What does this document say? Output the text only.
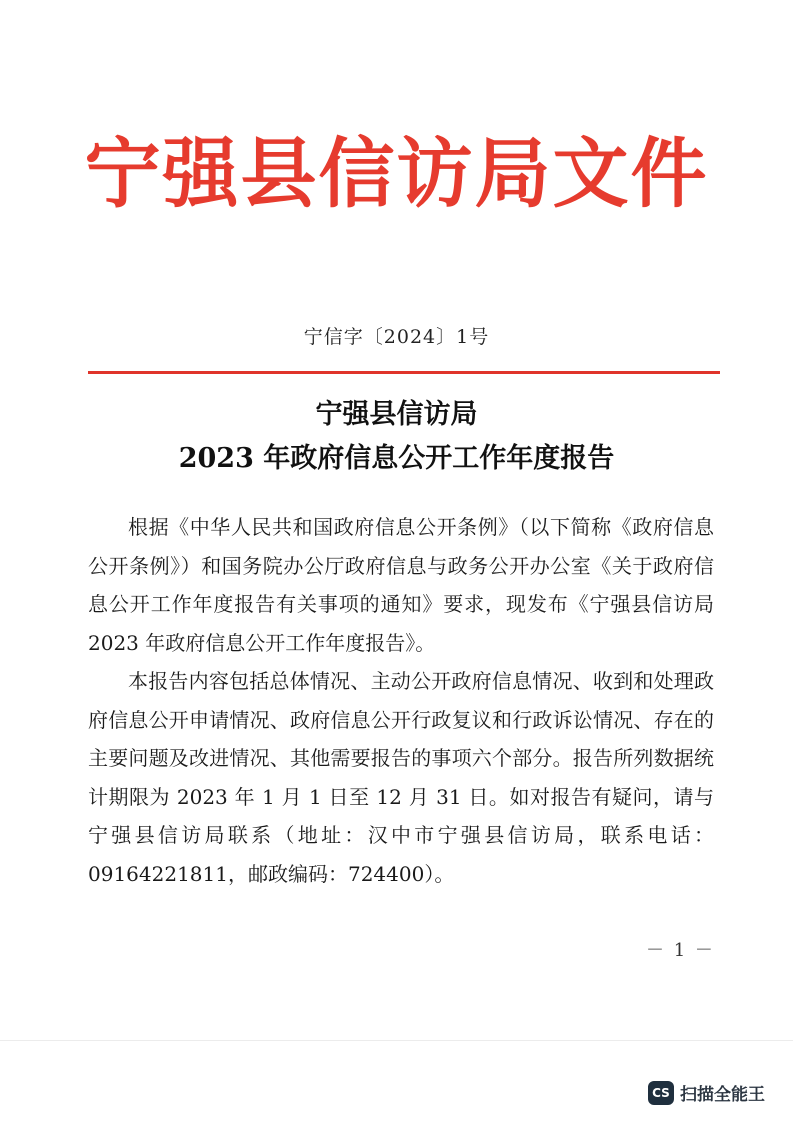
宁强县信访局文件
宁信字〔2024〕1号
宁强县信访局
2023 年政府信息公开工作年度报告

根据《中华人民共和国政府信息公开条例》（以下简称《政府信息公开条例》）和国务院办公厅政府信息与政务公开办公室《关于政府信息公开工作年度报告有关事项的通知》要求，现发布《宁强县信访局 2023 年政府信息公开工作年度报告》。

本报告内容包括总体情况、主动公开政府信息情况、收到和处理政府信息公开申请情况、政府信息公开行政复议和行政诉讼情况、存在的主要问题及改进情况、其他需要报告的事项六个部分。报告所列数据统计期限为 2023 年 1 月 1 日至 12 月 31 日。如对报告有疑问，请与宁强县信访局联系（地址：汉中市宁强县信访局，联系电话：09164221811，邮政编码：724400）。

－ 1 －
CS 扫描全能王
